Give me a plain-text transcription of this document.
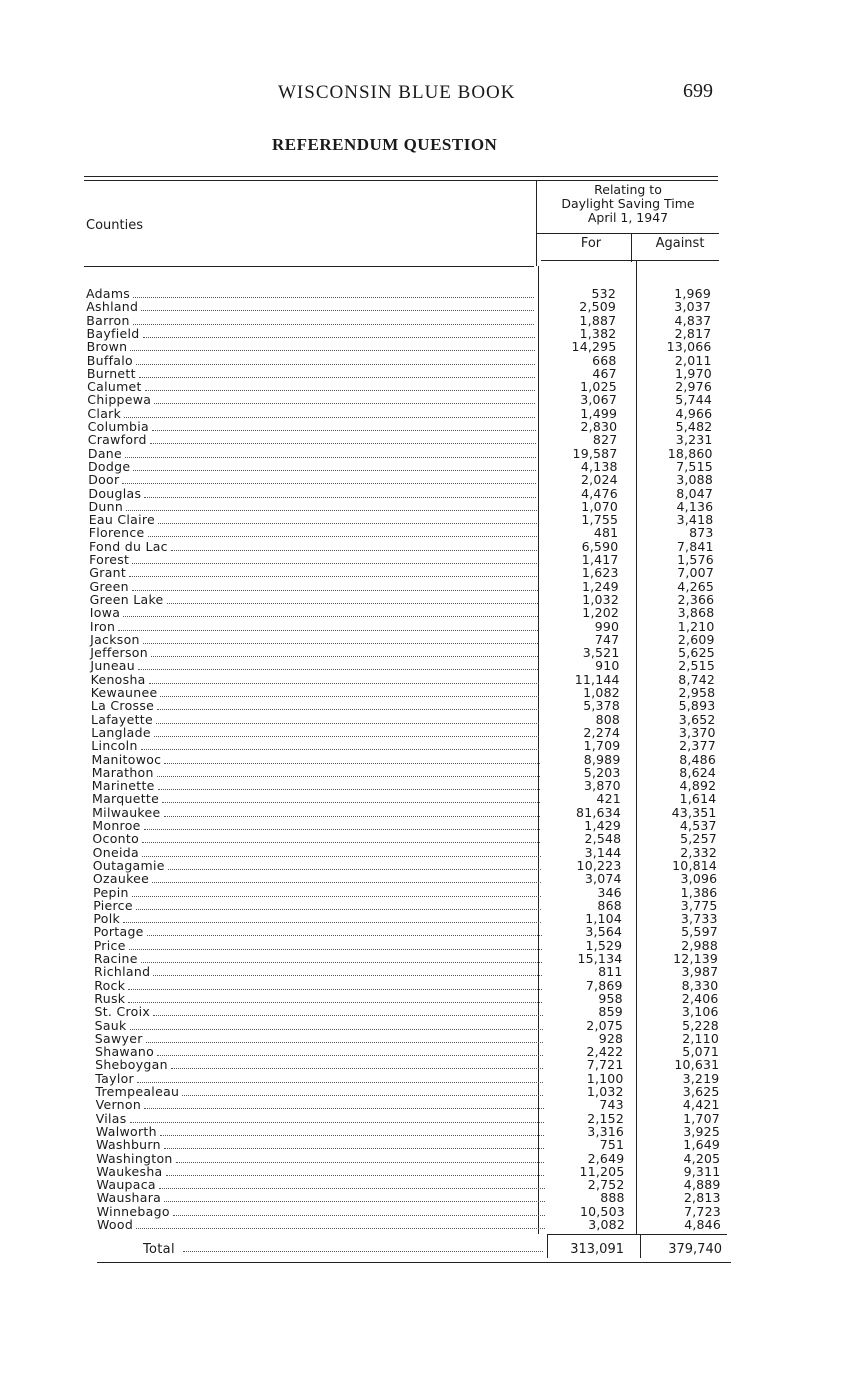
WISCONSIN BLUE BOOK	699
REFERENDUM QUESTION
Counties
Relating to
Daylight Saving Time
April 1, 1947
For	Against
Adams	532	1,969
Ashland	2,509	3,037
Barron	1,887	4,837
Bayfield	1,382	2,817
Brown	14,295	13,066
Buffalo	668	2,011
Burnett	467	1,970
Calumet	1,025	2,976
Chippewa	3,067	5,744
Clark	1,499	4,966
Columbia	2,830	5,482
Crawford	827	3,231
Dane	19,587	18,860
Dodge	4,138	7,515
Door	2,024	3,088
Douglas	4,476	8,047
Dunn	1,070	4,136
Eau Claire	1,755	3,418
Florence	481	873
Fond du Lac	6,590	7,841
Forest	1,417	1,576
Grant	1,623	7,007
Green	1,249	4,265
Green Lake	1,032	2,366
Iowa	1,202	3,868
Iron	990	1,210
Jackson	747	2,609
Jefferson	3,521	5,625
Juneau	910	2,515
Kenosha	11,144	8,742
Kewaunee	1,082	2,958
La Crosse	5,378	5,893
Lafayette	808	3,652
Langlade	2,274	3,370
Lincoln	1,709	2,377
Manitowoc	8,989	8,486
Marathon	5,203	8,624
Marinette	3,870	4,892
Marquette	421	1,614
Milwaukee	81,634	43,351
Monroe	1,429	4,537
Oconto	2,548	5,257
Oneida	3,144	2,332
Outagamie	10,223	10,814
Ozaukee	3,074	3,096
Pepin	346	1,386
Pierce	868	3,775
Polk	1,104	3,733
Portage	3,564	5,597
Price	1,529	2,988
Racine	15,134	12,139
Richland	811	3,987
Rock	7,869	8,330
Rusk	958	2,406
St. Croix	859	3,106
Sauk	2,075	5,228
Sawyer	928	2,110
Shawano	2,422	5,071
Sheboygan	7,721	10,631
Taylor	1,100	3,219
Trempealeau	1,032	3,625
Vernon	743	4,421
Vilas	2,152	1,707
Walworth	3,316	3,925
Washburn	751	1,649
Washington	2,649	4,205
Waukesha	11,205	9,311
Waupaca	2,752	4,889
Waushara	888	2,813
Winnebago	10,503	7,723
Wood	3,082	4,846
Total	313,091	379,740
